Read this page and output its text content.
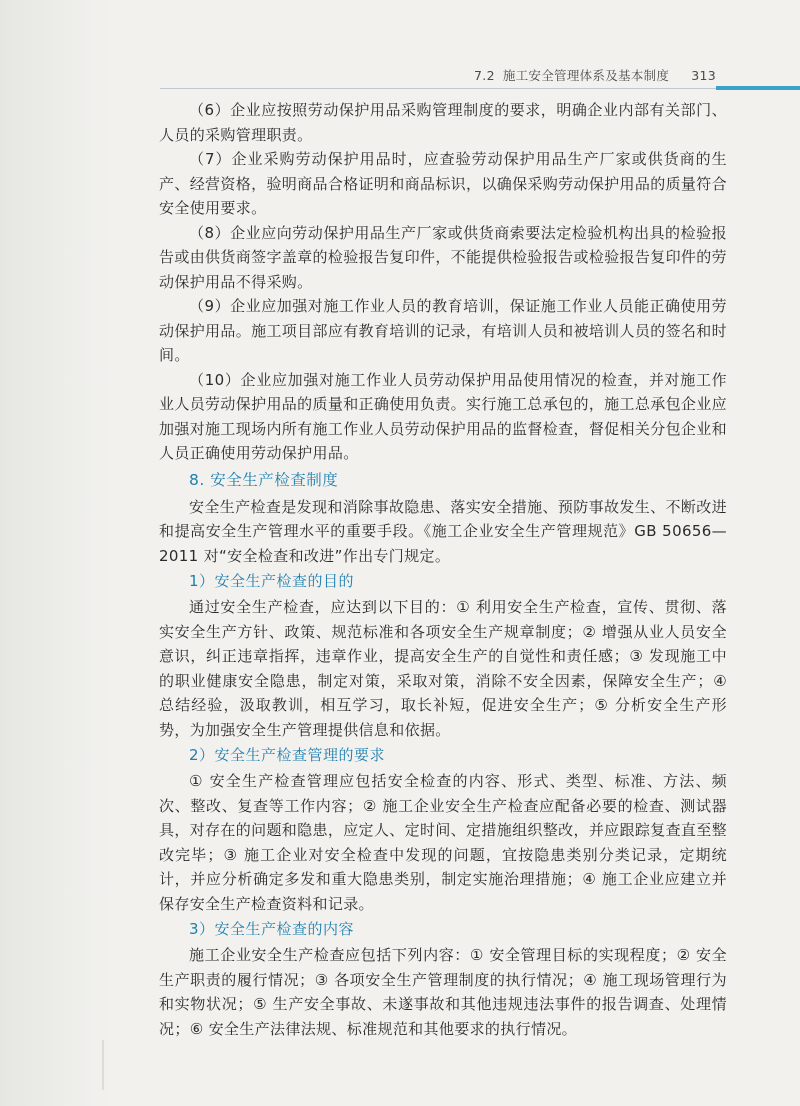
7.2 施工安全管理体系及基本制度 313

（6）企业应按照劳动保护用品采购管理制度的要求，明确企业内部有关部门、人员的采购管理职责。

（7）企业采购劳动保护用品时，应查验劳动保护用品生产厂家或供货商的生产、经营资格，验明商品合格证明和商品标识，以确保采购劳动保护用品的质量符合安全使用要求。

（8）企业应向劳动保护用品生产厂家或供货商索要法定检验机构出具的检验报告或由供货商签字盖章的检验报告复印件，不能提供检验报告或检验报告复印件的劳动保护用品不得采购。

（9）企业应加强对施工作业人员的教育培训，保证施工作业人员能正确使用劳动保护用品。施工项目部应有教育培训的记录，有培训人员和被培训人员的签名和时间。

（10）企业应加强对施工作业人员劳动保护用品使用情况的检查，并对施工作业人员劳动保护用品的质量和正确使用负责。实行施工总承包的，施工总承包企业应加强对施工现场内所有施工作业人员劳动保护用品的监督检查，督促相关分包企业和人员正确使用劳动保护用品。

8. 安全生产检查制度

安全生产检查是发现和消除事故隐患、落实安全措施、预防事故发生、不断改进和提高安全生产管理水平的重要手段。《施工企业安全生产管理规范》GB 50656—2011 对“安全检查和改进”作出专门规定。

1）安全生产检查的目的

通过安全生产检查，应达到以下目的：① 利用安全生产检查，宣传、贯彻、落实安全生产方针、政策、规范标准和各项安全生产规章制度；② 增强从业人员安全意识，纠正违章指挥，违章作业，提高安全生产的自觉性和责任感；③ 发现施工中的职业健康安全隐患，制定对策，采取对策，消除不安全因素，保障安全生产；④ 总结经验，汲取教训，相互学习，取长补短，促进安全生产；⑤ 分析安全生产形势，为加强安全生产管理提供信息和依据。

2）安全生产检查管理的要求

① 安全生产检查管理应包括安全检查的内容、形式、类型、标准、方法、频次、整改、复查等工作内容；② 施工企业安全生产检查应配备必要的检查、测试器具，对存在的问题和隐患，应定人、定时间、定措施组织整改，并应跟踪复查直至整改完毕；③ 施工企业对安全检查中发现的问题，宜按隐患类别分类记录，定期统计，并应分析确定多发和重大隐患类别，制定实施治理措施；④ 施工企业应建立并保存安全生产检查资料和记录。

3）安全生产检查的内容

施工企业安全生产检查应包括下列内容：① 安全管理目标的实现程度；② 安全生产职责的履行情况；③ 各项安全生产管理制度的执行情况；④ 施工现场管理行为和实物状况；⑤ 生产安全事故、未遂事故和其他违规违法事件的报告调查、处理情况；⑥ 安全生产法律法规、标准规范和其他要求的执行情况。
